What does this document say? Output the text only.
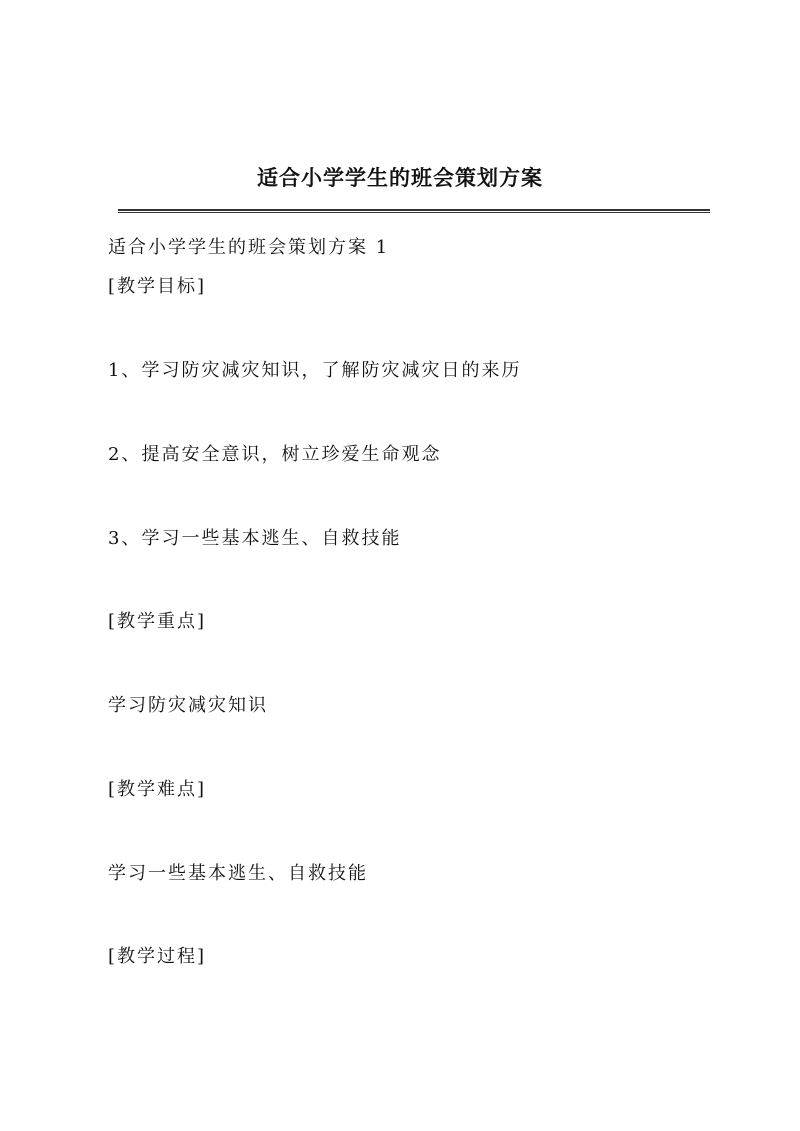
适合小学学生的班会策划方案
适合小学学生的班会策划方案 1
[教学目标]
1、学习防灾减灾知识，了解防灾减灾日的来历
2、提高安全意识，树立珍爱生命观念
3、学习一些基本逃生、自救技能
[教学重点]
学习防灾减灾知识
[教学难点]
学习一些基本逃生、自救技能
[教学过程]
